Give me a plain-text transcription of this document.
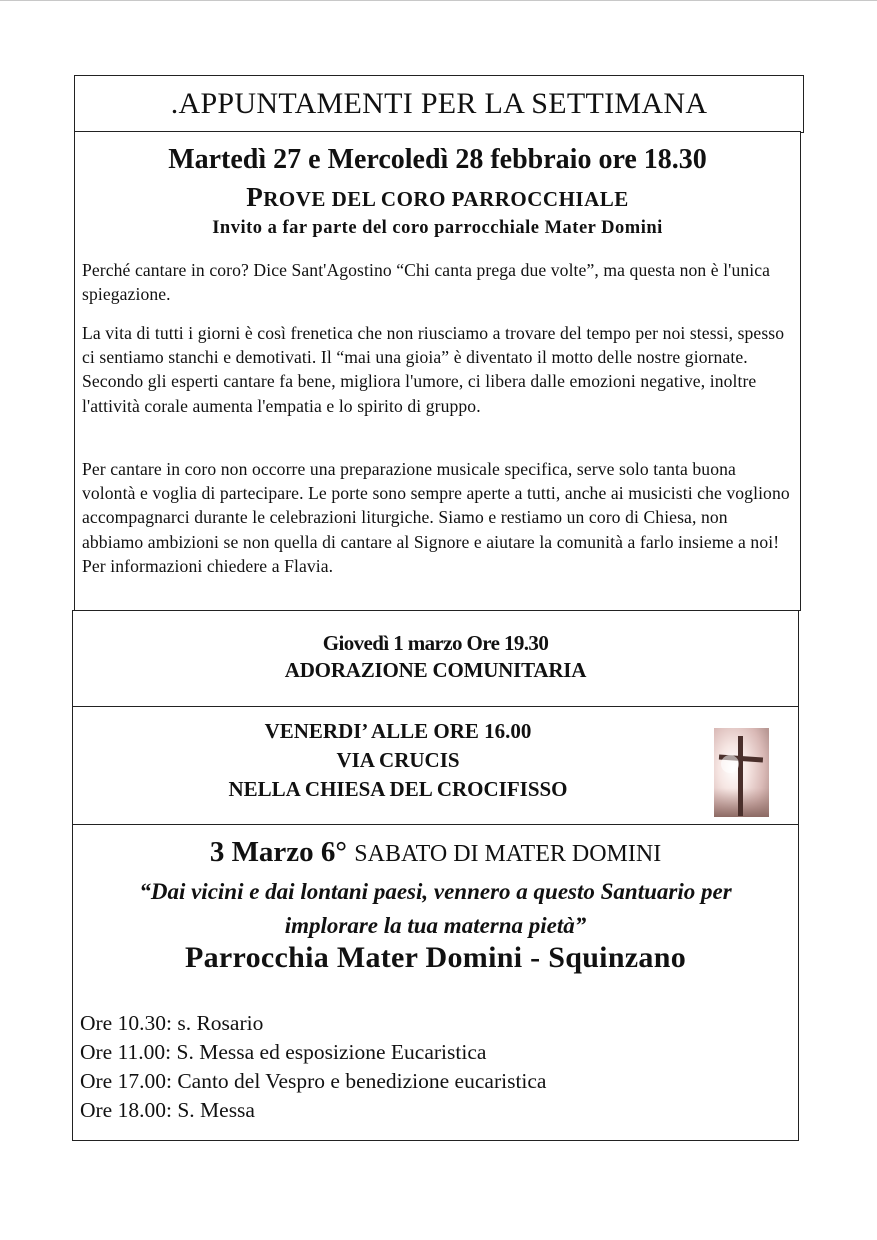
.APPUNTAMENTI PER LA SETTIMANA
Martedì 27 e Mercoledì 28 febbraio ore 18.30
PROVE DEL CORO PARROCCHIALE
Invito a far parte del coro parrocchiale Mater Domini
Perché cantare in coro? Dice Sant'Agostino “Chi canta prega due volte”, ma questa non è l'unica spiegazione.
La vita di tutti i giorni è così frenetica che non riusciamo a trovare del tempo per noi stessi, spesso ci sentiamo stanchi e demotivati. Il “mai una gioia” è diventato il motto delle nostre giornate. Secondo gli esperti cantare fa bene, migliora l'umore, ci libera dalle emozioni negative, inoltre l'attività corale aumenta l'empatia e lo spirito di gruppo.
Per cantare in coro non occorre una preparazione musicale specifica, serve solo tanta buona volontà e voglia di partecipare. Le porte sono sempre aperte a tutti, anche ai musicisti che vogliono accompagnarci durante le celebrazioni liturgiche. Siamo e restiamo un coro di Chiesa, non abbiamo ambizioni se non quella di cantare al Signore e aiutare la comunità a farlo insieme a noi! Per informazioni chiedere a Flavia.
Giovedì 1 marzo Ore 19.30
ADORAZIONE COMUNITARIA
VENERDI’ ALLE ORE 16.00
VIA CRUCIS
NELLA CHIESA DEL CROCIFISSO
3 Marzo 6° SABATO DI MATER DOMINI
“Dai vicini e dai lontani paesi, vennero a questo Santuario per implorare la tua materna pietà”
Parrocchia Mater Domini - Squinzano
Ore 10.30: s. Rosario
Ore 11.00: S. Messa ed esposizione Eucaristica
Ore 17.00: Canto del Vespro e benedizione eucaristica
Ore 18.00: S. Messa
